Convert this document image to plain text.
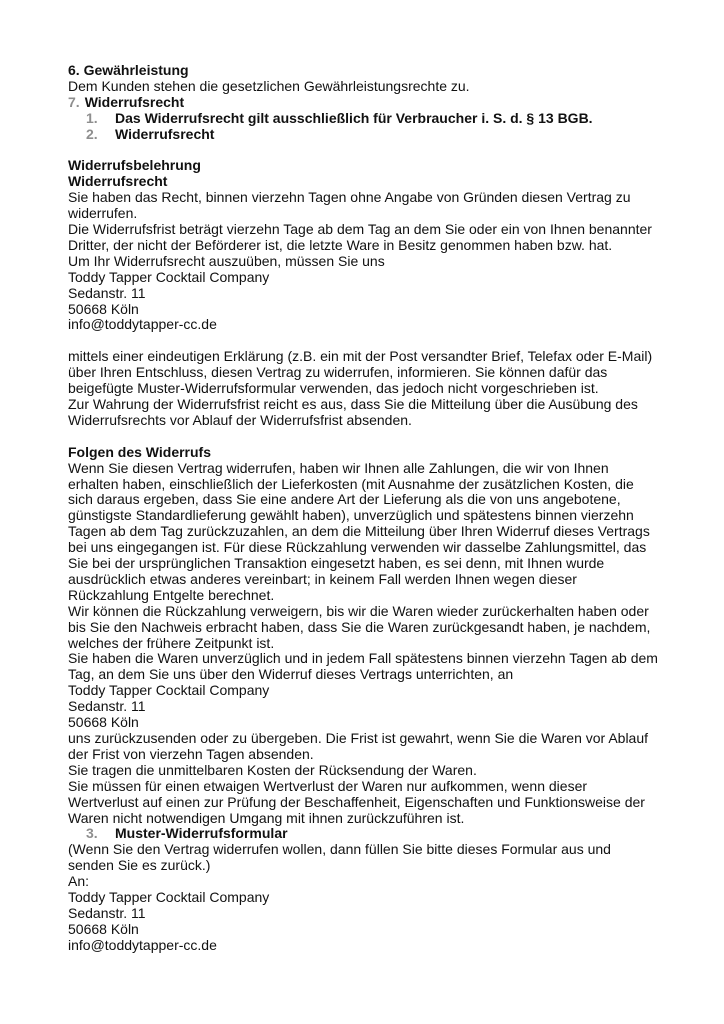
6. Gewährleistung
Dem Kunden stehen die gesetzlichen Gewährleistungsrechte zu.
7. Widerrufsrecht
1.	Das Widerrufsrecht gilt ausschließlich für Verbraucher i. S. d. § 13 BGB.
2.	Widerrufsrecht
Widerrufsbelehrung
Widerrufsrecht
Sie haben das Recht, binnen vierzehn Tagen ohne Angabe von Gründen diesen Vertrag zu widerrufen.
Die Widerrufsfrist beträgt vierzehn Tage ab dem Tag an dem Sie oder ein von Ihnen benannter Dritter, der nicht der Beförderer ist, die letzte Ware in Besitz genommen haben bzw. hat.
Um Ihr Widerrufsrecht auszuüben, müssen Sie uns
Toddy Tapper Cocktail Company
Sedanstr. 11
50668 Köln
info@toddytapper-cc.de
mittels einer eindeutigen Erklärung (z.B. ein mit der Post versandter Brief, Telefax oder E-Mail) über Ihren Entschluss, diesen Vertrag zu widerrufen, informieren. Sie können dafür das beigefügte Muster-Widerrufsformular verwenden, das jedoch nicht vorgeschrieben ist.
Zur Wahrung der Widerrufsfrist reicht es aus, dass Sie die Mitteilung über die Ausübung des Widerrufsrechts vor Ablauf der Widerrufsfrist absenden.
Folgen des Widerrufs
Wenn Sie diesen Vertrag widerrufen, haben wir Ihnen alle Zahlungen, die wir von Ihnen erhalten haben, einschließlich der Lieferkosten (mit Ausnahme der zusätzlichen Kosten, die sich daraus ergeben, dass Sie eine andere Art der Lieferung als die von uns angebotene, günstigste Standardlieferung gewählt haben), unverzüglich und spätestens binnen vierzehn Tagen ab dem Tag zurückzuzahlen, an dem die Mitteilung über Ihren Widerruf dieses Vertrags bei uns eingegangen ist. Für diese Rückzahlung verwenden wir dasselbe Zahlungsmittel, das Sie bei der ursprünglichen Transaktion eingesetzt haben, es sei denn, mit Ihnen wurde ausdrücklich etwas anderes vereinbart; in keinem Fall werden Ihnen wegen dieser Rückzahlung Entgelte berechnet.
Wir können die Rückzahlung verweigern, bis wir die Waren wieder zurückerhalten haben oder bis Sie den Nachweis erbracht haben, dass Sie die Waren zurückgesandt haben, je nachdem, welches der frühere Zeitpunkt ist.
Sie haben die Waren unverzüglich und in jedem Fall spätestens binnen vierzehn Tagen ab dem Tag, an dem Sie uns über den Widerruf dieses Vertrags unterrichten, an
Toddy Tapper Cocktail Company
Sedanstr. 11
50668 Köln
uns zurückzusenden oder zu übergeben. Die Frist ist gewahrt, wenn Sie die Waren vor Ablauf der Frist von vierzehn Tagen absenden.
Sie tragen die unmittelbaren Kosten der Rücksendung der Waren.
Sie müssen für einen etwaigen Wertverlust der Waren nur aufkommen, wenn dieser Wertverlust auf einen zur Prüfung der Beschaffenheit, Eigenschaften und Funktionsweise der Waren nicht notwendigen Umgang mit ihnen zurückzuführen ist.
3.	Muster-Widerrufsformular
(Wenn Sie den Vertrag widerrufen wollen, dann füllen Sie bitte dieses Formular aus und senden Sie es zurück.)
An:
Toddy Tapper Cocktail Company
Sedanstr. 11
50668 Köln
info@toddytapper-cc.de
